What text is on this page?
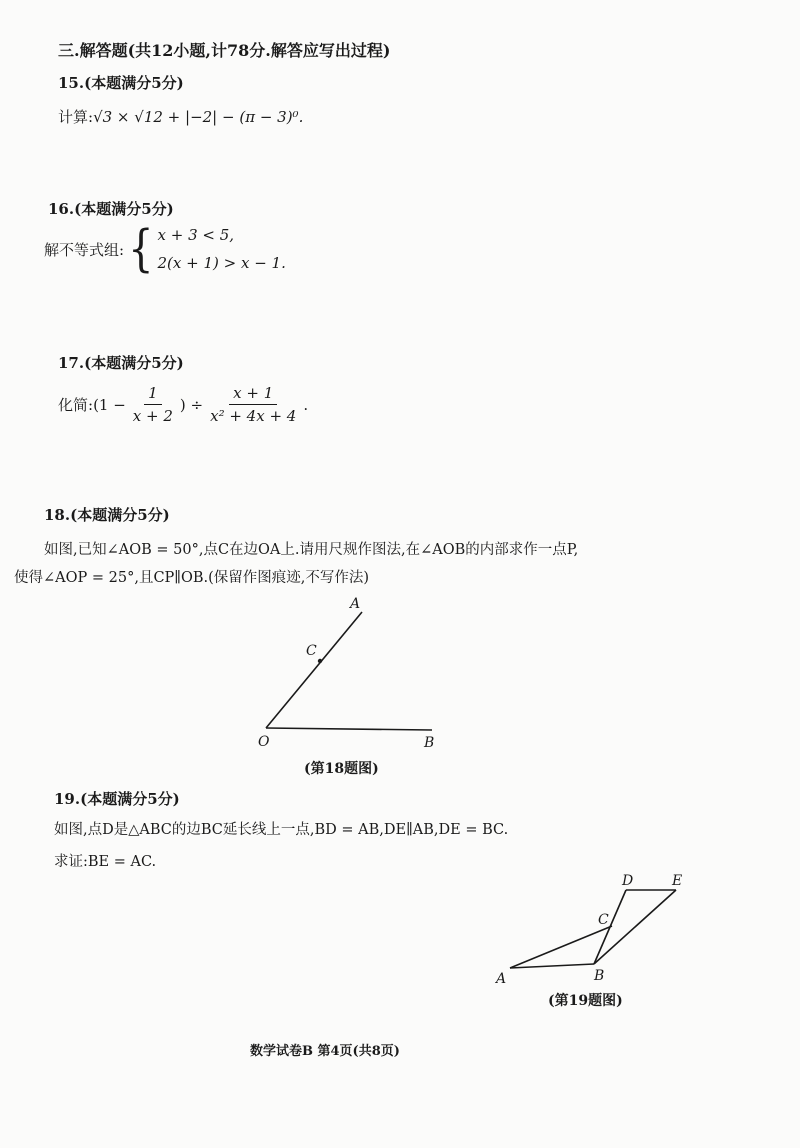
三.解答题(共12小题,计78分.解答应写出过程)
15.(本题满分5分)
计算:√3 × √12 + |−2| − (π − 3)⁰.
16.(本题满分5分)
解不等式组: { x + 3 < 5,
2(x + 1) > x − 1.
17.(本题满分5分)
化简: ($1 - \frac{1}{x + 2}$ ) ÷ $\frac{x + 1}{\text{x² + 4x + 4}}$ .
18.(本题满分5分)
如图,已知∠AOB = 50°,点C在边OA上.请用尺规作图法,在∠AOB的内部求作一点P,
使得∠AOP = 25°,且CP∥OB.(保留作图痕迹,不写作法)
A
C
O	B
(第18题图)
19.(本题满分5分)
如图,点D是△ABC的边BC延长线上一点,BD = AB,DE∥AB,DE = BC.
求证:BE = AC.
A	B
C
D	E
(第19题图)
数学试卷B 第4页(共8页)
